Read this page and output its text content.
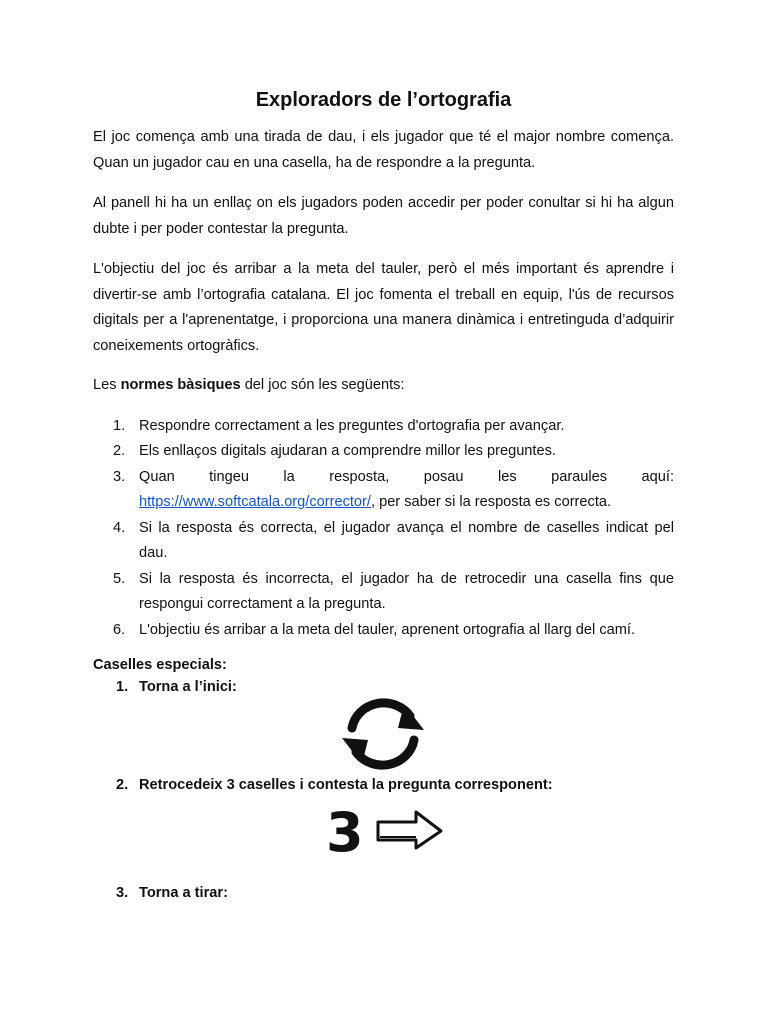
Exploradors de l’ortografia

El joc comença amb una tirada de dau, i els jugador que té el major nombre comença. Quan un jugador cau en una casella, ha de respondre a la pregunta.

Al panell hi ha un enllaç on els jugadors poden accedir per poder conultar si hi ha algun dubte i per poder contestar la pregunta.

L'objectiu del joc és arribar a la meta del tauler, però el més important és aprendre i divertir-se amb l’ortografia catalana. El joc fomenta el treball en equip, l'ús de recursos digitals per a l'aprenentatge, i proporciona una manera dinàmica i entretinguda d’adquirir coneixements ortogràfics.

Les normes bàsiques del joc són les següents:

1. Respondre correctament a les preguntes d'ortografia per avançar.
2. Els enllaços digitals ajudaran a comprendre millor les preguntes.
3. Quan tingeu la resposta, posau les paraules aquí: https://www.softcatala.org/corrector/, per saber si la resposta es correcta.
4. Si la resposta és correcta, el jugador avança el nombre de caselles indicat pel dau.
5. Si la resposta és incorrecta, el jugador ha de retrocedir una casella fins que respongui correctament a la pregunta.
6. L'objectiu és arribar a la meta del tauler, aprenent ortografia al llarg del camí.
Caselles especials:
1. Torna a l’inici:
2. Retrocedeix 3 caselles i contesta la pregunta corresponent:
3
3. Torna a tirar:
